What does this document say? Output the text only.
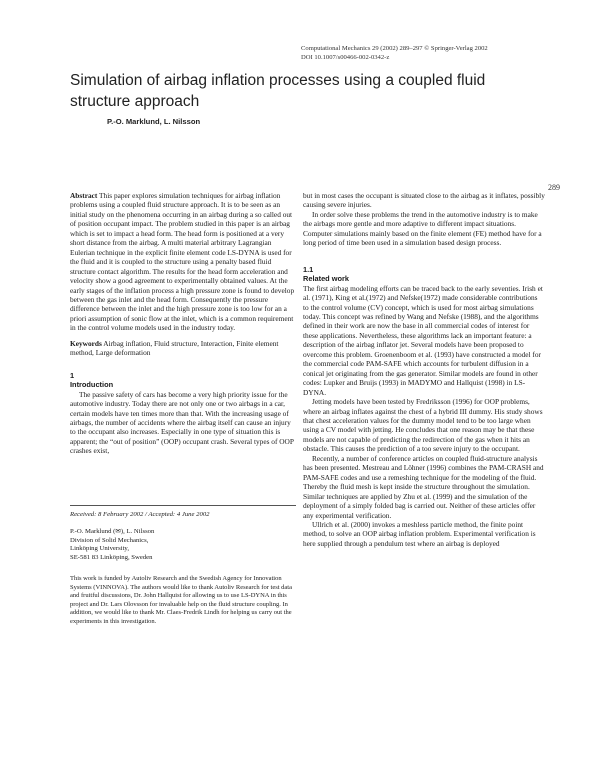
Computational Mechanics 29 (2002) 289–297 © Springer-Verlag 2002
DOI 10.1007/s00466-002-0342-z
Simulation of airbag inflation processes using a coupled fluid structure approach
P.-O. Marklund, L. Nilsson
289

Abstract This paper explores simulation techniques for airbag inflation problems using a coupled fluid structure approach. It is to be seen as an initial study on the phenomena occurring in an airbag during a so called out of position occupant impact. The problem studied in this paper is an airbag which is set to impact a head form. The head form is positioned at a very short distance from the airbag. A multi material arbitrary Lagrangian Eulerian technique in the explicit finite element code LS-DYNA is used for the fluid and it is coupled to the structure using a penalty based fluid structure contact algorithm. The results for the head form acceleration and velocity show a good agreement to experimentally obtained values. At the early stages of the inflation process a high pressure zone is found to develop between the gas inlet and the head form. Consequently the pressure difference between the inlet and the high pressure zone is too low for an a priori assumption of sonic flow at the inlet, which is a common requirement in the control volume models used in the industry today.

Keywords Airbag inflation, Fluid structure, Interaction, Finite element method, Large deformation

1
Introduction

The passive safety of cars has become a very high priority issue for the automotive industry. Today there are not only one or two airbags in a car, certain models have ten times more than that. With the increasing usage of airbags, the number of accidents where the airbag itself can cause an injury to the occupant also increases. Especially in one type of situation this is apparent; the “out of position” (OOP) occupant crash. Several types of OOP crashes exist,

Received: 8 February 2002 / Accepted: 4 June 2002
P.-O. Marklund (✉), L. Nilsson
Division of Solid Mechanics,
Linköping University,
SE-581 83 Linköping, Sweden
This work is funded by Autoliv Research and the Swedish Agency for Innovation Systems (VINNOVA). The authors would like to thank Autoliv Research for test data and fruitful discussions, Dr. John Hallquist for allowing us to use LS-DYNA in this project and Dr. Lars Olovsson for invaluable help on the fluid structure coupling. In addition, we would like to thank Mr. Claes-Fredrik Lindh for helping us carry out the experiments in this investigation.

but in most cases the occupant is situated close to the airbag as it inflates, possibly causing severe injuries.

In order solve these problems the trend in the automotive industry is to make the airbags more gentle and more adaptive to different impact situations. Computer simulations mainly based on the finite element (FE) method have for a long period of time been used in a simulation based design process.

1.1
Related work

The first airbag modeling efforts can be traced back to the early seventies. Irish et al. (1971), King et al.(1972) and Nefske(1972) made considerable contributions to the control volume (CV) concept, which is used for most airbag simulations today. This concept was refined by Wang and Nefske (1988), and the algorithms defined in their work are now the base in all commercial codes of interest for these applications. Nevertheless, these algorithms lack an important feature: a description of the airbag inflator jet. Several models have been proposed to overcome this problem. Groenenboom et al. (1993) have constructed a model for the commercial code PAM-SAFE which accounts for turbulent diffusion in a conical jet originating from the gas generator. Similar models are found in other codes: Lupker and Bruijs (1993) in MADYMO and Hallquist (1998) in LS-DYNA.

Jetting models have been tested by Fredriksson (1996) for OOP problems, where an airbag inflates against the chest of a hybrid III dummy. His study shows that chest acceleration values for the dummy model tend to be too large when using a CV model with jetting. He concludes that one reason may be that these models are not capable of predicting the redirection of the gas when it hits an obstacle. This causes the prediction of a too severe injury to the occupant.

Recently, a number of conference articles on coupled fluid-structure analysis has been presented. Mestreau and Löhner (1996) combines the PAM-CRASH and PAM-SAFE codes and use a remeshing technique for the modeling of the fluid. Thereby the fluid mesh is kept inside the structure throughout the simulation. Similar techniques are applied by Zhu et al. (1999) and the simulation of the deployment of a simply folded bag is carried out. Neither of these articles offer any experimental verification.

Ullrich et al. (2000) invokes a meshless particle method, the finite point method, to solve an OOP airbag inflation problem. Experimental verification is here supplied through a pendulum test where an airbag is deployed
